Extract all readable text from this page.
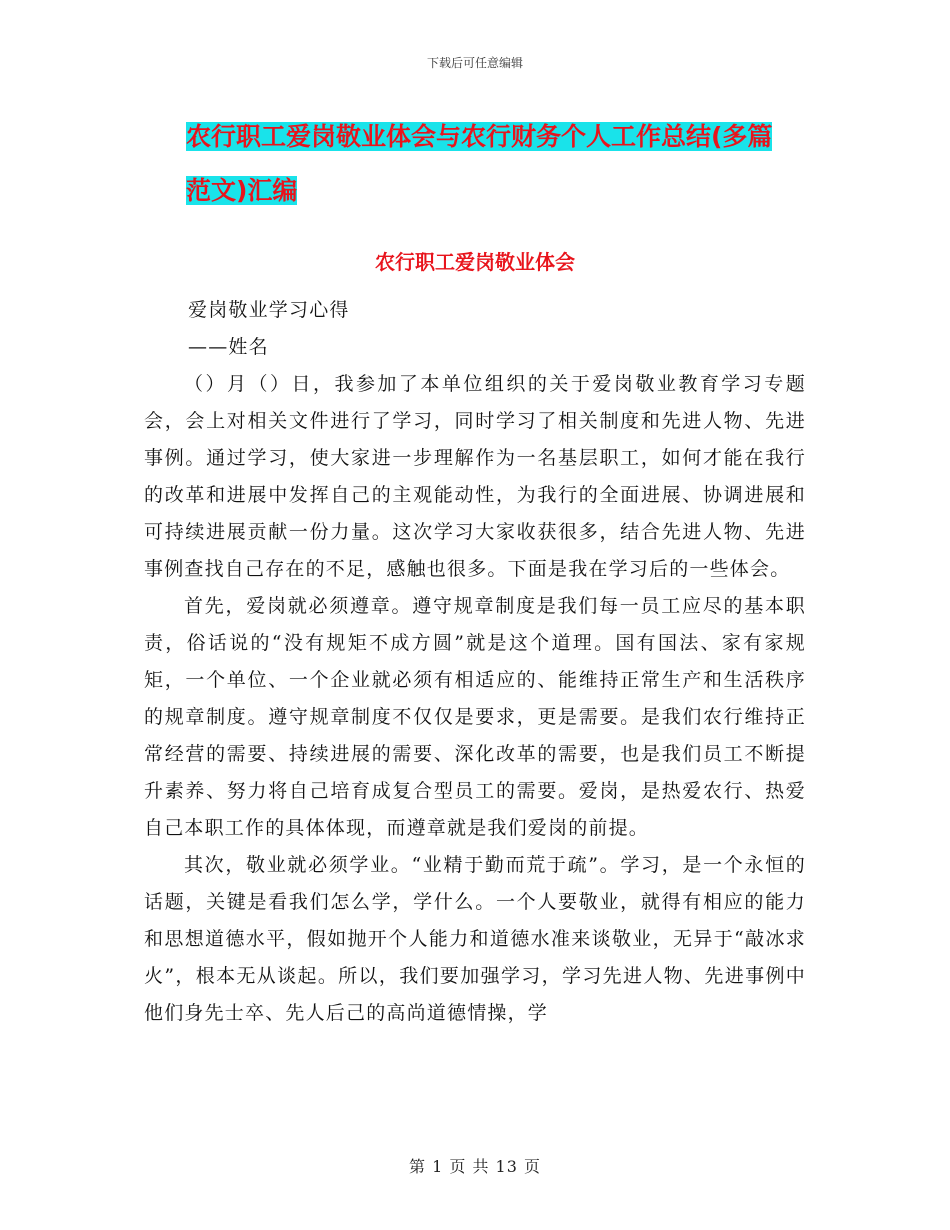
下载后可任意编辑
农行职工爱岗敬业体会与农行财务个人工作总结(多篇
范文)汇编
农行职工爱岗敬业体会

爱岗敬业学习心得

——姓名

（）月（）日，我参加了本单位组织的关于爱岗敬业教育学习专题会，会上对相关文件进行了学习，同时学习了相关制度和先进人物、先进事例。通过学习，使大家进一步理解作为一名基层职工，如何才能在我行的改革和进展中发挥自己的主观能动性，为我行的全面进展、协调进展和可持续进展贡献一份力量。这次学习大家收获很多，结合先进人物、先进事例查找自己存在的不足，感触也很多。下面是我在学习后的一些体会。

首先，爱岗就必须遵章。遵守规章制度是我们每一员工应尽的基本职责，俗话说的“没有规矩不成方圆”就是这个道理。国有国法、家有家规矩，一个单位、一个企业就必须有相适应的、能维持正常生产和生活秩序的规章制度。遵守规章制度不仅仅是要求，更是需要。是我们农行维持正常经营的需要、持续进展的需要、深化改革的需要，也是我们员工不断提升素养、努力将自己培育成复合型员工的需要。爱岗，是热爱农行、热爱自己本职工作的具体体现，而遵章就是我们爱岗的前提。

其次，敬业就必须学业。“业精于勤而荒于疏”。学习，是一个永恒的话题，关键是看我们怎么学，学什么。一个人要敬业，就得有相应的能力和思想道德水平，假如抛开个人能力和道德水准来谈敬业，无异于“敲冰求火”，根本无从谈起。所以，我们要加强学习，学习先进人物、先进事例中他们身先士卒、先人后己的高尚道德情操，学

第 1 页 共 13 页
